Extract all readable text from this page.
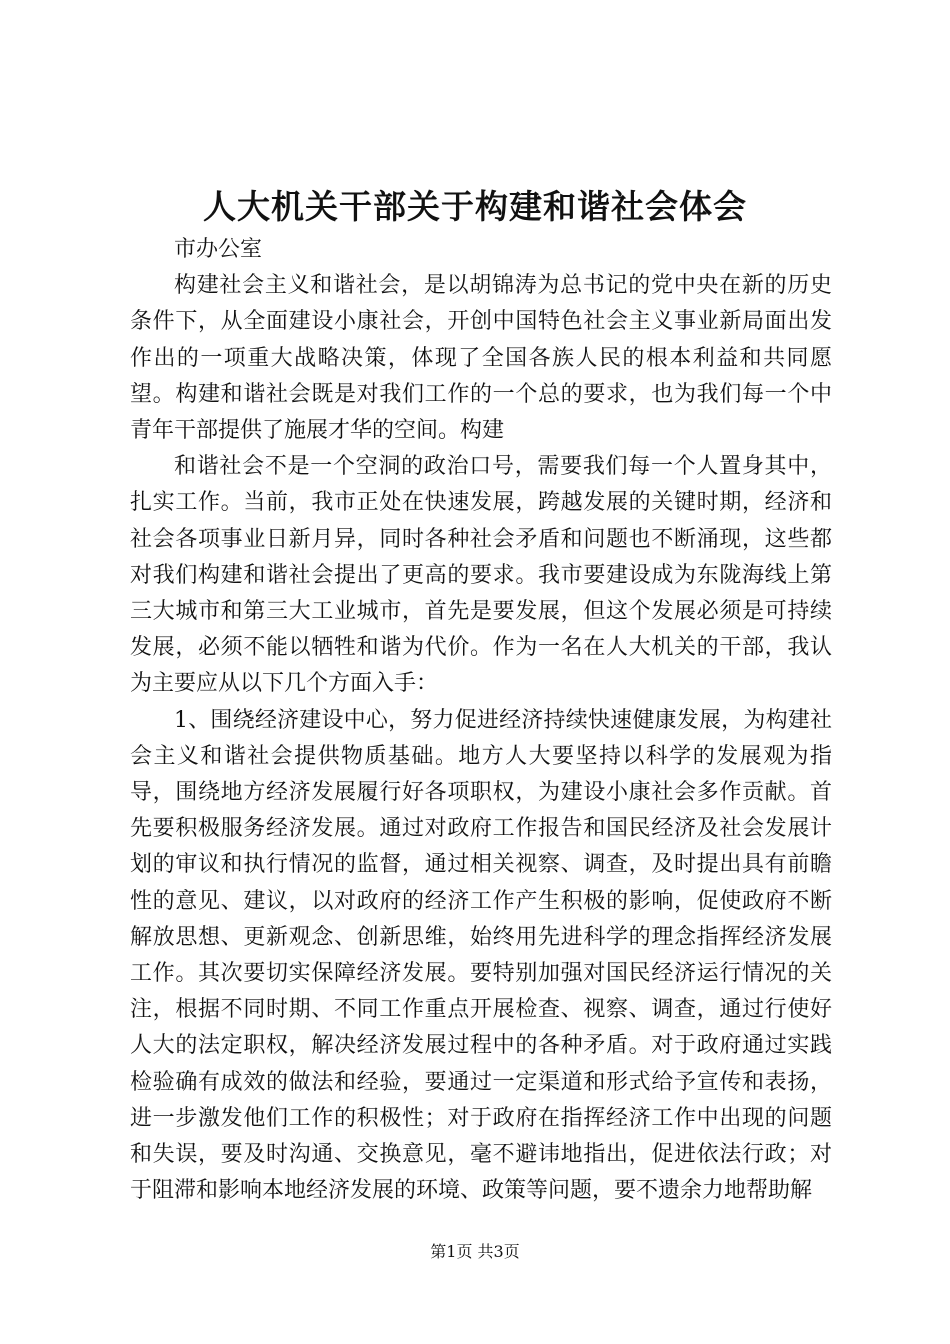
人大机关干部关于构建和谐社会体会
市办公室

构建社会主义和谐社会，是以胡锦涛为总书记的党中央在新的历史条件下，从全面建设小康社会，开创中国特色社会主义事业新局面出发作出的一项重大战略决策，体现了全国各族人民的根本利益和共同愿望。构建和谐社会既是对我们工作的一个总的要求，也为我们每一个中青年干部提供了施展才华的空间。构建

和谐社会不是一个空洞的政治口号，需要我们每一个人置身其中，扎实工作。当前，我市正处在快速发展，跨越发展的关键时期，经济和社会各项事业日新月异，同时各种社会矛盾和问题也不断涌现，这些都对我们构建和谐社会提出了更高的要求。我市要建设成为东陇海线上第三大城市和第三大工业城市，首先是要发展，但这个发展必须是可持续发展，必须不能以牺牲和谐为代价。作为一名在人大机关的干部，我认为主要应从以下几个方面入手：

1、围绕经济建设中心，努力促进经济持续快速健康发展，为构建社会主义和谐社会提供物质基础。地方人大要坚持以科学的发展观为指导，围绕地方经济发展履行好各项职权，为建设小康社会多作贡献。首先要积极服务经济发展。通过对政府工作报告和国民经济及社会发展计划的审议和执行情况的监督，通过相关视察、调查，及时提出具有前瞻性的意见、建议，以对政府的经济工作产生积极的影响，促使政府不断解放思想、更新观念、创新思维，始终用先进科学的理念指挥经济发展工作。其次要切实保障经济发展。要特别加强对国民经济运行情况的关注，根据不同时期、不同工作重点开展检查、视察、调查，通过行使好人大的法定职权，解决经济发展过程中的各种矛盾。对于政府通过实践检验确有成效的做法和经验，要通过一定渠道和形式给予宣传和表扬，进一步激发他们工作的积极性；对于政府在指挥经济工作中出现的问题和失误，要及时沟通、交换意见，毫不避讳地指出，促进依法行政；对于阻滞和影响本地经济发展的环境、政策等问题，要不遗余力地帮助解

第1页 共3页
